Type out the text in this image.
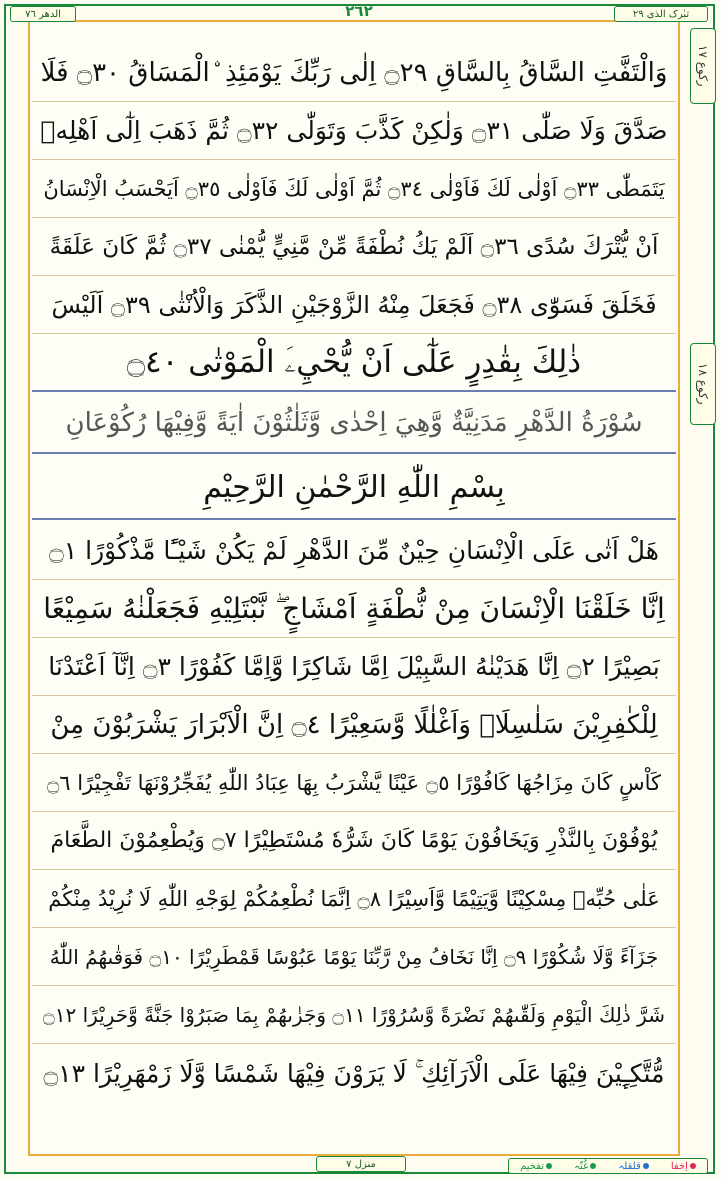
الدھر ٧٦	٢٦٢	تبٰرک الذی ٢٩
ركوع ١٧
ركوع ١٨
وَالْتَفَّتِ السَّاقُ بِالسَّاقِ ۝٢٩ اِلٰى رَبِّكَ يَوْمَئِذِ ۨالْمَسَاقُ ۝٣٠ فَلَا
صَدَّقَ وَلَا صَلّٰى ۝٣١ وَلٰكِنْ كَذَّبَ وَتَوَلّٰى ۝٣٢ ثُمَّ ذَهَبَ اِلٰٓى اَهْلِهٖ
يَتَمَطّٰى ۝٣٣ اَوْلٰى لَكَ فَاَوْلٰى ۝٣٤ ثُمَّ اَوْلٰى لَكَ فَاَوْلٰى ۝٣٥ اَيَحْسَبُ الْاِنْسَانُ
اَنْ يُّتْرَكَ سُدًى ۝٣٦ اَلَمْ يَكُ نُطْفَةً مِّنْ مَّنِيٍّ يُّمْنٰى ۝٣٧ ثُمَّ كَانَ عَلَقَةً
فَخَلَقَ فَسَوّٰى ۝٣٨ فَجَعَلَ مِنْهُ الزَّوْجَيْنِ الذَّكَرَ وَالْاُنْثٰى ۝٣٩ اَلَيْسَ
ذٰلِكَ بِقٰدِرٍ عَلٰٓى اَنْ يُّحْيِۦَ الْمَوْتٰى ۝٤٠
سُوْرَةُ الدَّهْرِ مَدَنِيَّةٌ وَّهِيَ اِحْدٰى وَّثَلٰثُوْنَ اٰيَةً وَّفِيْهَا رُكُوْعَانِ
بِسْمِ اللّٰهِ الرَّحْمٰنِ الرَّحِيْمِ
هَلْ اَتٰى عَلَى الْاِنْسَانِ حِيْنٌ مِّنَ الدَّهْرِ لَمْ يَكُنْ شَيْـًٔا مَّذْكُوْرًا ۝١
اِنَّا خَلَقْنَا الْاِنْسَانَ مِنْ نُّطْفَةٍ اَمْشَاجٍ ۖ نَّبْتَلِيْهِ فَجَعَلْنٰهُ سَمِيْعًا
بَصِيْرًا ۝٢ اِنَّا هَدَيْنٰهُ السَّبِيْلَ اِمَّا شَاكِرًا وَّاِمَّا كَفُوْرًا ۝٣ اِنَّآ اَعْتَدْنَا
لِلْكٰفِرِيْنَ سَلٰسِلَا۟ وَاَغْلٰلًا وَّسَعِيْرًا ۝٤ اِنَّ الْاَبْرَارَ يَشْرَبُوْنَ مِنْ
كَاْسٍ كَانَ مِزَاجُهَا كَافُوْرًا ۝٥ عَيْنًا يَّشْرَبُ بِهَا عِبَادُ اللّٰهِ يُفَجِّرُوْنَهَا تَفْجِيْرًا ۝٦
يُوْفُوْنَ بِالنَّذْرِ وَيَخَافُوْنَ يَوْمًا كَانَ شَرُّهٗ مُسْتَطِيْرًا ۝٧ وَيُطْعِمُوْنَ الطَّعَامَ
عَلٰى حُبِّهٖ مِسْكِيْنًا وَّيَتِيْمًا وَّاَسِيْرًا ۝٨ اِنَّمَا نُطْعِمُكُمْ لِوَجْهِ اللّٰهِ لَا نُرِيْدُ مِنْكُمْ
جَزَآءً وَّلَا شُكُوْرًا ۝٩ اِنَّا نَخَافُ مِنْ رَّبِّنَا يَوْمًا عَبُوْسًا قَمْطَرِيْرًا ۝١٠ فَوَقٰىهُمُ اللّٰهُ
شَرَّ ذٰلِكَ الْيَوْمِ وَلَقّٰىهُمْ نَضْرَةً وَّسُرُوْرًا ۝١١ وَجَزٰىهُمْ بِمَا صَبَرُوْا جَنَّةً وَّحَرِيْرًا ۝١٢
مُّتَّكِـِٕيْنَ فِيْهَا عَلَى الْاَرَآئِكِ ۚ لَا يَرَوْنَ فِيْهَا شَمْسًا وَّلَا زَمْهَرِيْرًا ۝١٣
منزل ٧	اِخفا
قلقلہ
غُنّہ
تفخیم
